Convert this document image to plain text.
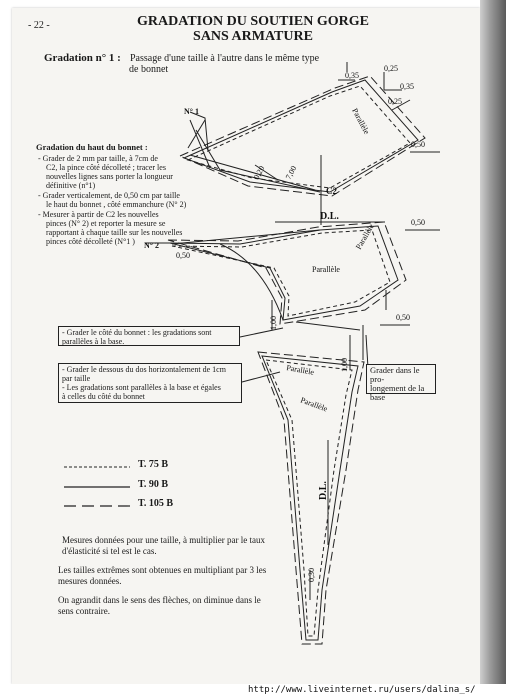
- 22 -	GRADATION DU SOUTIEN GORGE
SANS ARMATURE
Gradation n° 1 : Passage d'une taille à l'autre dans le même type
de bonnet
Gradation du haut du bonnet :
- Grader de 2 mm par taille, à 7cm de
C2, la pince côté décolleté ; tracer les
nouvelles lignes sans porter la longueur
définitive (n°1)
- Grader verticalement, de 0,50 cm par taille
le haut du bonnet , côté emmanchure (N° 2)
- Mesurer à partir de C2 les nouvelles
pinces (N° 2) et reporter la mesure se
rapportant à chaque taille sur les nouvelles
pinces côté décolleté (N°1 )
N° 1
N° 2
C2
D.L.
D.L.
0,35
0,25
0,25
0,35
0,50
0,50
0,50
0,50
7,00
0,20
1,00
1,00
0,30
Parallèle
Parallèle
Parallèle
Parallèle
Parallèle
- Grader le côté du bonnet : les gradations sont
parallèles à la base.
- Grader le dessous du dos horizontalement de 1cm
par taille
- Les gradations sont parallèles à la base et égales
à celles du côté du bonnet
Grader dans le pro-
longement de la
base
T. 75 B
T. 90 B
T. 105 B
Mesures données pour une taille, à multiplier par le taux
d'élasticité si tel est le cas.
Les tailles extrêmes sont obtenues en multipliant par 3 les
mesures données.
On agrandit dans le sens des flèches, on diminue dans le
sens contraire.
http://www.liveinternet.ru/users/dalina_s/
